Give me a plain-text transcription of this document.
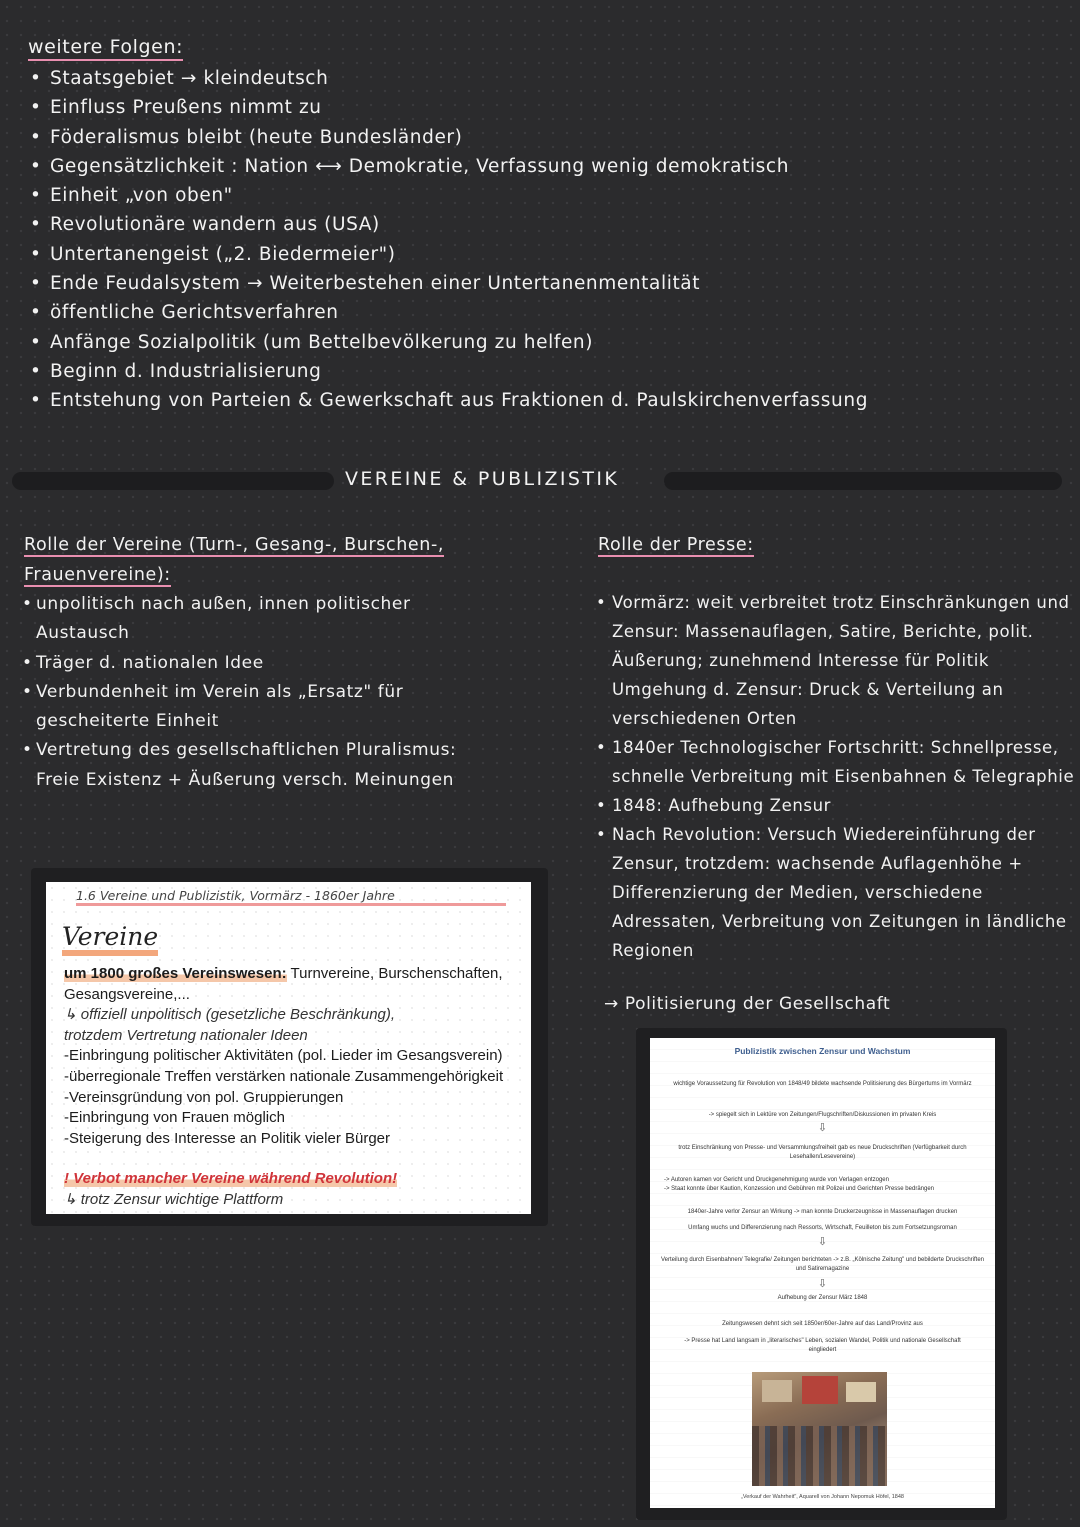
weitere Folgen:
• Staatsgebiet → kleindeutsch
• Einfluss Preußens nimmt zu
• Föderalismus bleibt (heute Bundesländer)
• Gegensätzlichkeit : Nation ⟷ Demokratie, Verfassung wenig demokratisch
• Einheit „von oben"
• Revolutionäre wandern aus (USA)
• Untertanengeist („2. Biedermeier")
• Ende Feudalsystem → Weiterbestehen einer Untertanenmentalität
• öffentliche Gerichtsverfahren
• Anfänge Sozialpolitik (um Bettelbevölkerung zu helfen)
• Beginn d. Industrialisierung
• Entstehung von Parteien & Gewerkschaft aus Fraktionen d. Paulskirchenverfassung
VEREINE & PUBLIZISTIK
Rolle der Vereine (Turn-, Gesang-, Burschen-,
Frauenvereine):
• unpolitisch nach außen, innen politischer Austausch
• Träger d. nationalen Idee
• Verbundenheit im Verein als „Ersatz" für gescheiterte Einheit
• Vertretung des gesellschaftlichen Pluralismus: Freie Existenz + Äußerung versch. Meinungen
Rolle der Presse:
• Vormärz: weit verbreitet trotz Einschränkungen und Zensur: Massenauflagen, Satire, Berichte, polit. Äußerung; zunehmend Interesse für Politik Umgehung d. Zensur: Druck & Verteilung an verschiedenen Orten
• 1840er Technologischer Fortschritt: Schnellpresse, schnelle Verbreitung mit Eisenbahnen & Telegraphie
• 1848: Aufhebung Zensur
• Nach Revolution: Versuch Wiedereinführung der Zensur, trotzdem: wachsende Auflagenhöhe + Differenzierung der Medien, verschiedene Adressaten, Verbreitung von Zeitungen in ländliche Regionen
→ Politisierung der Gesellschaft
1.6 Vereine und Publizistik, Vormärz - 1860er Jahre
Vereine
um 1800 großes Vereinswesen: Turnvereine, Burschenschaften, Gesangsvereine,...
↳ offiziell unpolitisch (gesetzliche Beschränkung),
trotzdem Vertretung nationaler Ideen
-Einbringung politischer Aktivitäten (pol. Lieder im Gesangsverein)
-überregionale Treffen verstärken nationale Zusammengehörigkeit
-Vereinsgründung von pol. Gruppierungen
-Einbringung von Frauen möglich
-Steigerung des Interesse an Politik vieler Bürger
! Verbot mancher Vereine während Revolution!
↳ trotz Zensur wichtige Plattform
Publizistik zwischen Zensur und Wachstum
wichtige Voraussetzung für Revolution von 1848/49 bildete wachsende Politisierung des Bürgertums im Vormärz
-> spiegelt sich in Lektüre von Zeitungen/Flugschriften/Diskussionen im privaten Kreis
⇩
trotz Einschränkung von Presse- und Versammlungsfreiheit gab es neue Druckschriften (Verfügbarkeit durch Lesehallen/Lesevereine)
-> Autoren kamen vor Gericht und Druckgenehmigung wurde von Verlagen entzogen
-> Staat konnte über Kaution, Konzession und Gebühren mit Polizei und Gerichten Presse bedrängen
1840er-Jahre verlor Zensur an Wirkung -> man konnte Druckerzeugnisse in Massenauflagen drucken
Umfang wuchs und Differenzierung nach Ressorts, Wirtschaft, Feuilleton bis zum Fortsetzungsroman
⇩
Verteilung durch Eisenbahnen/ Telegrafie/ Zeitungen berichteten -> z.B. „Kölnische Zeitung" und bebilderte Druckschriften und Satiremagazine
⇩
Aufhebung der Zensur März 1848
Zeitungswesen dehnt sich seit 1850er/60er-Jahre auf das Land/Provinz aus
-> Presse hat Land langsam in „literarisches" Leben, sozialen Wandel, Politik und nationale Gesellschaft eingliedert
„Verkauf der Wahrheit", Aquarell von Johann Nepomuk Höfel, 1848
